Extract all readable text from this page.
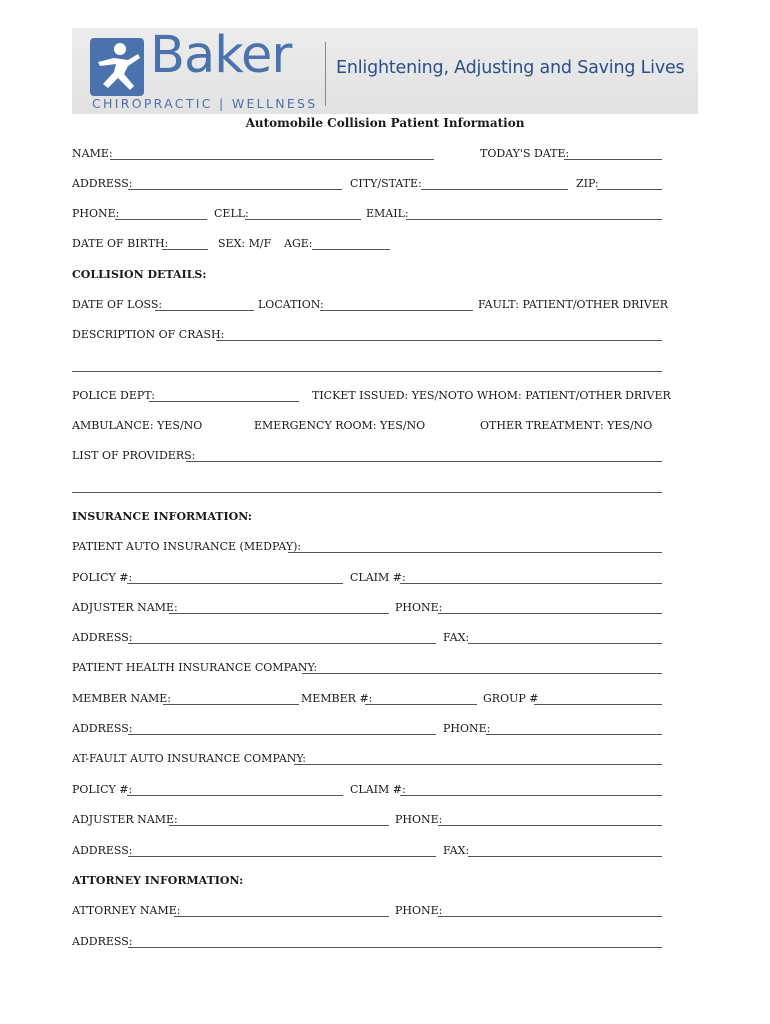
Baker
CHIROPRACTIC | WELLNESS
Enlightening, Adjusting and Saving Lives
Automobile Collision Patient Information
NAME:	TODAY'S DATE:
ADDRESS:	CITY/STATE:	ZIP:
PHONE:	CELL:	EMAIL:
DATE OF BIRTH:	SEX: M/F AGE:
COLLISION DETAILS:
DATE OF LOSS:	LOCATION:	FAULT: PATIENT/OTHER DRIVER
DESCRIPTION OF CRASH:
POLICE DEPT:	TICKET ISSUED: YES/NO TO WHOM: PATIENT/OTHER DRIVER
AMBULANCE: YES/NO	EMERGENCY ROOM: YES/NO	OTHER TREATMENT: YES/NO
LIST OF PROVIDERS:
INSURANCE INFORMATION:
PATIENT AUTO INSURANCE (MEDPAY):
POLICY #:	CLAIM #:
ADJUSTER NAME:	PHONE:
ADDRESS:	FAX:
PATIENT HEALTH INSURANCE COMPANY:
MEMBER NAME:	MEMBER #:	GROUP #
ADDRESS:	PHONE:
AT-FAULT AUTO INSURANCE COMPANY:
POLICY #:	CLAIM #:
ADJUSTER NAME:	PHONE:
ADDRESS:	FAX:
ATTORNEY INFORMATION:
ATTORNEY NAME:	PHONE:
ADDRESS:
